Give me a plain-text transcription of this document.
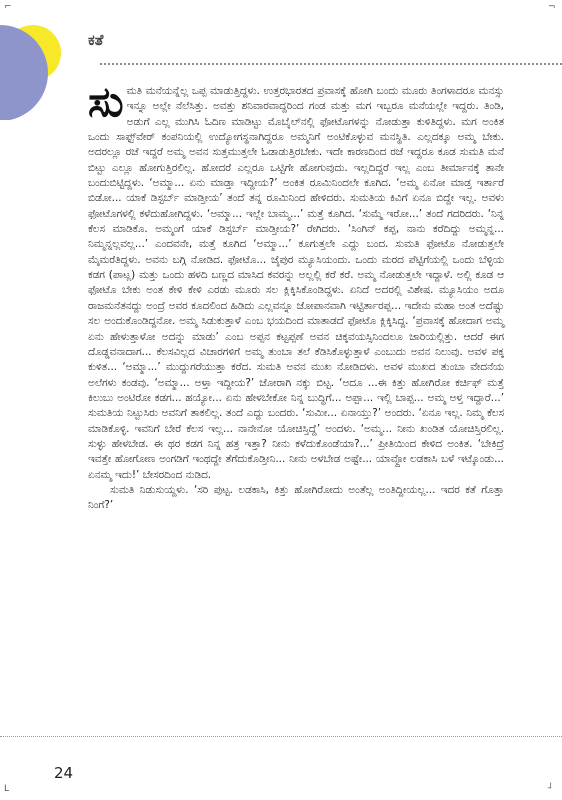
⌐	¬
L	┘
ಕತೆ

ಸುಮತಿ ಮನೆಯನ್ನೆಲ್ಲ ಒಪ್ಪ ಮಾಡುತ್ತಿದ್ದಳು. ಉತ್ತರಭಾರತದ ಪ್ರವಾಸಕ್ಕೆ ಹೋಗಿ ಬಂದು ಮೂರು ತಿಂಗಳಾದರೂ ಮನಸ್ಸು ಇನ್ನೂ ಅಲ್ಲೇ ನೆಲೆಸಿತ್ತು. ಅವತ್ತು ಶನಿವಾರವಾದ್ದರಿಂದ ಗಂಡ ಮತ್ತು ಮಗ ಇಬ್ಬರೂ ಮನೆಯಲ್ಲೇ ಇದ್ದರು. ತಿಂಡಿ, ಅಡುಗೆ ಎಲ್ಲ ಮುಗಿಸಿ ಓದಿಣ ಮಾಡಿಟ್ಟು ಮೊಬೈಲ್‌ನಲ್ಲಿ ಫೋಟೊಗಳನ್ನು ನೋಡುತ್ತಾ ಕುಳಿತಿದ್ದಳು. ಮಗ ಅಂಕಿತ ಒಂದು ಸಾಫ್ಟ್‌ವೇರ್ ಕಂಪನಿಯಲ್ಲಿ ಉದ್ಯೋಗಸ್ಥನಾಗಿದ್ದರೂ ಅಮ್ಮನಿಗೆ ಅಂಟಿಕೊಳ್ಳುವ ಮನಸ್ಥಿತಿ. ಎಲ್ಲದಕ್ಕೂ ಅಮ್ಮ ಬೇಕು. ಅದರಲ್ಲೂ ರಜೆ ಇದ್ದರೆ ಅಮ್ಮ ಅವನ ಸುತ್ತಮುತ್ತಲೇ ಓಡಾಡುತ್ತಿರಬೇಕು. ಇದೇ ಕಾರಣದಿಂದ ರಜೆ ಇದ್ದರೂ ಕೂಡ ಸುಮತಿ ಮನೆ ಬಿಟ್ಟು ಎಲ್ಲೂ ಹೋಗುತ್ತಿರಲಿಲ್ಲ. ಹೋದರೆ ಎಲ್ಲರೂ ಒಟ್ಟಿಗೇ ಹೋಗುವುದು. ಇಲ್ಲದಿದ್ದರೆ ಇಲ್ಲ ಎಂಬ ತೀರ್ಮಾನಕ್ಕೆ ತಾನೇ ಬಂದುಬಿಟ್ಟಿದ್ದಳು. ‘ಅಮ್ಮಾ... ಏನು ಮಾಡ್ತಾ ಇದ್ದೀಯ?’ ಅಂಕಿತ ರೂಮಿನಿಂದಲೇ ಕೂಗಿದ. ‘ಅಮ್ಮ ಏನೋ ಮಾಡ್ತ ಇರ್ತಾರೆ ಬಿಡೋ... ಯಾಕೆ ಡಿಸ್ಟರ್ಬ್ ಮಾಡ್ತೀಯ’ ತಂದೆ ತನ್ನ ರೂಮಿನಿಂದ ಹೇಳಿದರು. ಸುಮತಿಯ ಕಿವಿಗೆ ಏನೂ ಬಿದ್ದೇ ಇಲ್ಲ. ಅವಳು ಫೋಟೊಗಳಲ್ಲಿ ಕಳೆದುಹೋಗಿದ್ದಳು. ‘ಅಮ್ಮಾ... ಇಲ್ಲೇ ಬಾಮ್ಮ...’ ಮತ್ತೆ ಕೂಗಿದ. ‘ಸುಮ್ಮೆ ಇರೋ...’ ತಂದೆ ಗದರಿದರು. ‘ನಿನ್ನ ಕೆಲಸ ಮಾಡಿಕೊ. ಅಮ್ಮಂಗೆ ಯಾಕೆ ಡಿಸ್ಟರ್ಬ್ ಮಾಡ್ತೀಯ?’ ರೇಗಿದರು. ‘ಸಿಂಗಿನ್ ಕಪ್ಪ, ನಾನು ಕರೆದಿದ್ದು ಅಮ್ಮನ್ನ... ನಿಮ್ಮನ್ನಲ್ಲವಲ್ಲ...’ ಎಂದವನೇ, ಮತ್ತೆ ಕೂಗಿದ ‘ಅಮ್ಮಾ...’ ಕೂಗುತ್ತಲೇ ಎದ್ದು ಬಂದ. ಸುಮತಿ ಫೋಟೊ ನೋಡುತ್ತಲೇ ಮೈಮರೆತಿದ್ದಳು. ಅವನು ಬಗ್ಗಿ ನೋಡಿದ. ಫೋಟೊ... ಜೈಪುರ ಮ್ಯೂಸಿಯಂದು. ಒಂದು ಮರದ ಪೆಟ್ಟಿಗೆಯಲ್ಲಿ ಒಂದು ಬೆಳ್ಳಿಯ ಕಡಗ (ಪಾಟ್ಲ) ಮತ್ತು ಒಂದು ಹಳದಿ ಬಣ್ಣದ ಮಾಸಿದ ಕವರನ್ನು ಅಲ್ಲಲ್ಲಿ ಕರೆ ಕರೆ. ಅಮ್ಮ ನೋಡುತ್ತಲೇ ಇದ್ದಾಳೆ. ಅಲ್ಲಿ ಕೂಡ ಆ ಫೋಟೊ ಬೇಕು ಅಂತ ಕೇಳಿ ಕೇಳಿ ಎರಡು ಮೂರು ಸಲ ಕ್ಲಿಕ್ಕಿಸಿಕೊಂಡಿದ್ದಳು. ಏನಿದೆ ಅದರಲ್ಲಿ ವಿಶೇಷ. ಮ್ಯೂಸಿಯಂ ಅದೂ ರಾಜಮನೆತನದ್ದು ಅಂದ್ರೆ ಅವರ ಕೂದಲಿಂದ ಹಿಡಿದು ಎಲ್ಲವನ್ನೂ ಜೋಪಾನವಾಗಿ ಇಟ್ಟಿರ್ತಾರಪ್ಪ... ಇದೇನು ಮಹಾ ಅಂತ ಅದೆಷ್ಟು ಸಲ ಅಂದುಕೊಂಡಿದ್ದನೋ. ಅಮ್ಮ ಸಿಡುಕುತ್ತಾಳೆ ಎಂಬ ಭಯದಿಂದ ಮಾತಾಡದೆ ಫೋಟೊ ಕ್ಲಿಕ್ಕಿಸಿದ್ದ. ‘ಪ್ರವಾಸಕ್ಕೆ ಹೋದಾಗ ಅಮ್ಮ ಏನು ಹೇಳುತ್ತಾಳೋ ಅದನ್ನು ಮಾಡು’ ಎಂಬ ಅಪ್ಪನ ಕಟ್ಟಪ್ಪಣೆ ಅವನ ಚಿಕ್ಕವಯಸ್ಸಿನಿಂದಲೂ ಜಾರಿಯಲ್ಲಿತ್ತು. ಆದರೆ ಈಗ ದೊಡ್ಡವನಾದಾಗ... ಕೆಲಸವಿಲ್ಲದ ವಿಚಾರಗಳಿಗೆ ಅಮ್ಮ ತುಂಬಾ ತಲೆ ಕೆಡಿಸಿಕೊಳ್ಳುತ್ತಾಳೆ ಎಂಬುದು ಅವನ ನಿಲುವು. ಅವಳ ಪಕ್ಕ ಕುಳಿತ... ‘ಅಮ್ಮಾ...’ ಮುದ್ದುಗರೆಯುತ್ತಾ ಕರೆದ. ಸುಮತಿ ಅವನ ಮುಖ ನೋಡಿದಳು. ಅವಳ ಮುಖದ ತುಂಬಾ ವೇದನೆಯ ಅಲೆಗಳು ಕಂಡವು. ‘ಅಮ್ಮಾ... ಅಳ್ತಾ ಇದ್ದೀಯ?’ ಜೋರಾಗಿ ನಕ್ಕು ಬಿಟ್ಟ. ‘ಅದೂ ...ಈ ಕಿತ್ತು ಹೋಗಿರೋ ಕರ್ಚಿಫ್ ಮತ್ತೆ ಕಿಲುಬು ಅಂಟಿರೋ ಕಡಗ... ಹಯ್ಯೋ... ಏನು ಹೇಳಬೇಕೋ ನಿನ್ನ ಬುದ್ಧಿಗೆ... ಅಪ್ಪಾ... ಇಲ್ಲಿ ಬಾಪ್ಪ... ಅಮ್ಮ ಅಳ್ತ ಇದ್ದಾರೆ...’ ಸುಮತಿಯ ನಿಟ್ಟುಸಿರು ಅವನಿಗೆ ತಾಕಲಿಲ್ಲ. ತಂದೆ ಎದ್ದು ಬಂದರು. ‘ಸುಮೀ... ಏನಾಯ್ತು?’ ಅಂದರು. ‘ಏನೂ ಇಲ್ಲ. ನಿಮ್ಮ ಕೆಲಸ ಮಾಡಿಕೊಳ್ಳಿ. ಇವನಿಗೆ ಬೇರೆ ಕೆಲಸ ಇಲ್ಲ... ನಾನೇನೋ ಯೋಚಿಸ್ತಿದ್ದೆ’ ಅಂದಳು. ‘ಅಮ್ಮ... ನೀನು ಖಂಡಿತ ಯೋಚಿಸ್ತಿರಲಿಲ್ಲ. ಸುಳ್ಳು ಹೇಳಬೇಡ. ಈ ಥರ ಕಡಗ ನಿನ್ನ ಹತ್ರ ಇತ್ತಾ? ನೀನು ಕಳೆದುಕೊಂಡೆಯಾ?...’ ಪ್ರೀತಿಯಿಂದ ಕೇಳಿದ ಅಂಕಿತ. ‘ಬೇಕಿದ್ರೆ ಇವತ್ತೇ ಹೋಗೋಣ ಅಂಗಡಿಗೆ ಇಂಥದ್ದೇ ತೆಗೆದುಕೊಡ್ತೀನಿ... ನೀನು ಅಳಬೇಡ ಅಷ್ಟೇ... ಯಾವ್ದೋ ಲಡಕಾಸಿ ಬಳೆ ಇಟ್ಕೊಂಡು... ಏನಮ್ಮ ಇದು!’ ಬೇಸರದಿಂದ ನುಡಿದ.

ಸುಮತಿ ನಿಡುಸುಯ್ದಳು. ‘ಸರಿ ಪುಟ್ಟ. ಲಡಕಾಸಿ, ಕಿತ್ತು ಹೋಗಿರೋದು ಅಂತೆಲ್ಲ ಅಂತಿದ್ದೀಯಲ್ಲ... ಇದರ ಕತೆ ಗೊತ್ತಾ ನಿಂಗೆ?’

24
